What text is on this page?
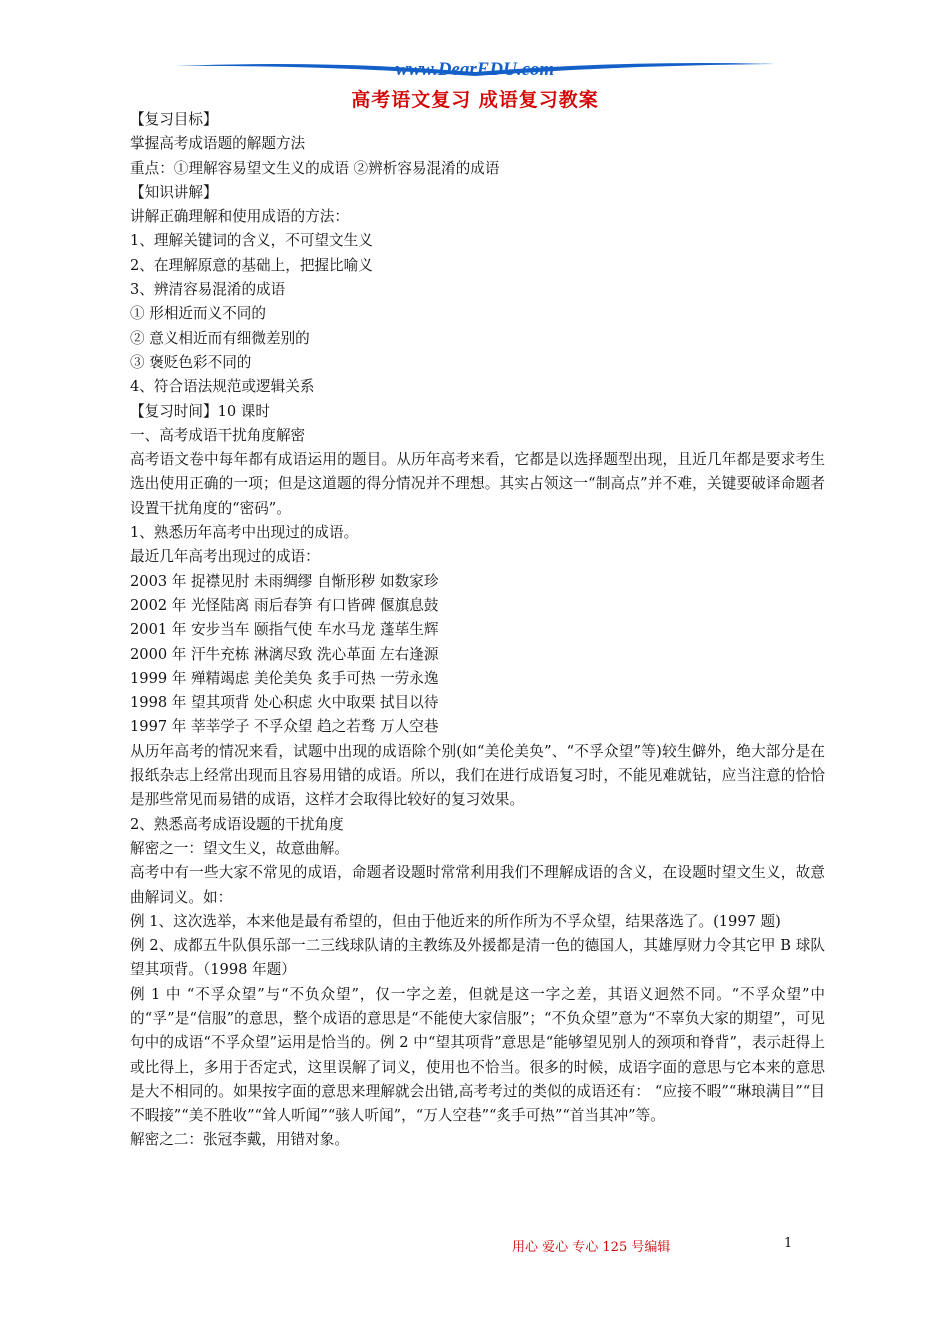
www.DearEDU.com
高考语文复习 成语复习教案

【复习目标】

掌握高考成语题的解题方法

重点：①理解容易望文生义的成语 ②辨析容易混淆的成语

【知识讲解】

讲解正确理解和使用成语的方法：

1、理解关键词的含义，不可望文生义

2、在理解原意的基础上，把握比喻义

3、辨清容易混淆的成语

① 形相近而义不同的

② 意义相近而有细微差别的

③ 褒贬色彩不同的

4、符合语法规范或逻辑关系

【复习时间】10 课时

一、高考成语干扰角度解密

高考语文卷中每年都有成语运用的题目。从历年高考来看，它都是以选择题型出现，且近几年都是要求考生选出使用正确的一项；但是这道题的得分情况并不理想。其实占领这一“制高点”并不难，关键要破译命题者设置干扰角度的“密码”。

1、熟悉历年高考中出现过的成语。

最近几年高考出现过的成语：

2003 年 捉襟见肘 未雨绸缪 自惭形秽 如数家珍

2002 年 光怪陆离 雨后春笋 有口皆碑 偃旗息鼓

2001 年 安步当车 颐指气使 车水马龙 蓬荜生辉

2000 年 汗牛充栋 淋漓尽致 洗心革面 左右逢源

1999 年 殚精竭虑 美伦美奂 炙手可热 一劳永逸

1998 年 望其项背 处心积虑 火中取栗 拭目以待

1997 年 莘莘学子 不孚众望 趋之若骛 万人空巷

从历年高考的情况来看，试题中出现的成语除个别(如“美伦美奂”、“不孚众望”等)较生僻外，绝大部分是在报纸杂志上经常出现而且容易用错的成语。所以，我们在进行成语复习时，不能见难就钻，应当注意的恰恰是那些常见而易错的成语，这样才会取得比较好的复习效果。

2、熟悉高考成语设题的干扰角度

解密之一：望文生义，故意曲解。

高考中有一些大家不常见的成语，命题者设题时常常利用我们不理解成语的含义，在设题时望文生义，故意曲解词义。如：

例 1、这次选举，本来他是最有希望的，但由于他近来的所作所为不孚众望，结果落选了。(1997 题)

例 2、成都五牛队俱乐部一二三线球队请的主教练及外援都是清一色的德国人，其雄厚财力令其它甲 B 球队望其项背。（1998 年题）

例 1 中 “不孚众望”与“不负众望”，仅一字之差，但就是这一字之差，其语义迥然不同。“不孚众望”中的“孚”是“信服”的意思，整个成语的意思是“不能使大家信服”；“不负众望”意为“不辜负大家的期望”，可见句中的成语“不孚众望”运用是恰当的。例 2 中“望其项背”意思是“能够望见别人的颈项和脊背”，表示赶得上或比得上，多用于否定式，这里误解了词义，使用也不恰当。很多的时候，成语字面的意思与它本来的意思是大不相同的。如果按字面的意思来理解就会出错,高考考过的类似的成语还有： “应接不暇”“琳琅满目”“目不暇接”“美不胜收”“耸人听闻”“骇人听闻”，“万人空巷”“炙手可热”“首当其冲”等。

解密之二：张冠李戴，用错对象。

用心 爱心 专心 125 号编辑	1
